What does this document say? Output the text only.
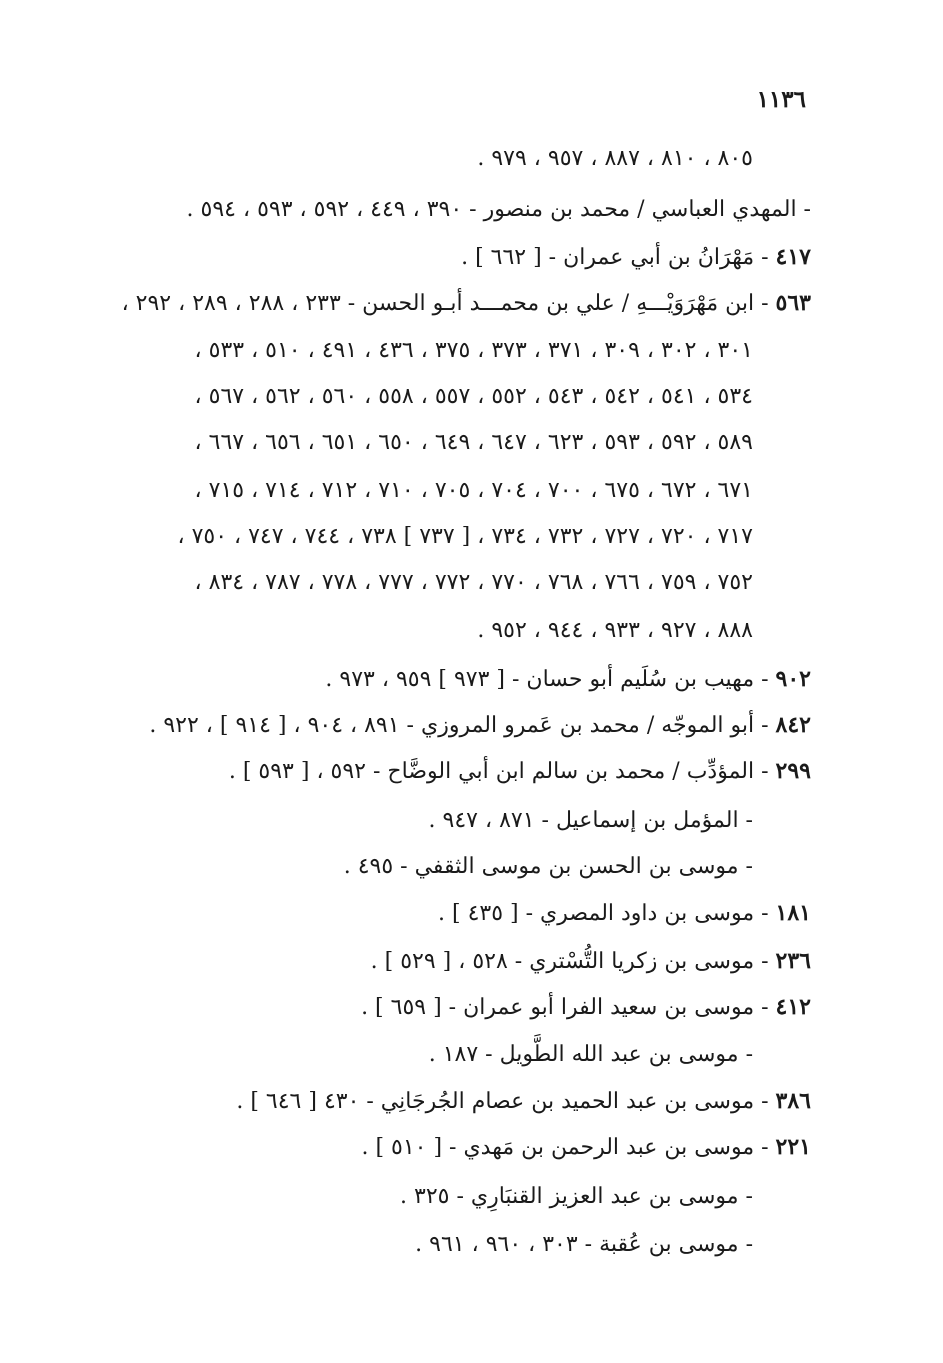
١١٣٦
٨٠٥ ، ٨١٠ ، ٨٨٧ ، ٩٥٧ ، ٩٧٩ .
- المهدي العباسي / محمد بن منصور - ٣٩٠ ، ٤٤٩ ، ٥٩٢ ، ٥٩٣ ، ٥٩٤ .
٤١٧ - مَهْرَانُ بن أبي عمران - [ ٦٦٢ ] .
٥٦٣ - ابن مَهْرَوَيْـــهِ / علي بن محمـــد أبـو الحسن - ٢٣٣ ، ٢٨٨ ، ٢٨٩ ، ٢٩٢ ،
٣٠١ ، ٣٠٢ ، ٣٠٩ ، ٣٧١ ، ٣٧٣ ، ٣٧٥ ، ٤٣٦ ، ٤٩١ ، ٥١٠ ، ٥٣٣ ،
٥٣٤ ، ٥٤١ ، ٥٤٢ ، ٥٤٣ ، ٥٥٢ ، ٥٥٧ ، ٥٥٨ ، ٥٦٠ ، ٥٦٢ ، ٥٦٧ ،
٥٨٩ ، ٥٩٢ ، ٥٩٣ ، ٦٢٣ ، ٦٤٧ ، ٦٤٩ ، ٦٥٠ ، ٦٥١ ، ٦٥٦ ، ٦٦٧ ،
٦٧١ ، ٦٧٢ ، ٦٧٥ ، ٧٠٠ ، ٧٠٤ ، ٧٠٥ ، ٧١٠ ، ٧١٢ ، ٧١٤ ، ٧١٥ ،
٧١٧ ، ٧٢٠ ، ٧٢٧ ، ٧٣٢ ، ٧٣٤ ، [ ٧٣٧ ] ٧٣٨ ، ٧٤٤ ، ٧٤٧ ، ٧٥٠ ،
٧٥٢ ، ٧٥٩ ، ٧٦٦ ، ٧٦٨ ، ٧٧٠ ، ٧٧٢ ، ٧٧٧ ، ٧٧٨ ، ٧٨٧ ، ٨٣٤ ،
٨٨٨ ، ٩٢٧ ، ٩٣٣ ، ٩٤٤ ، ٩٥٢ .
٩٠٢ - مهيب بن سُلَيم أبو حسان - [ ٩٧٣ ] ٩٥٩ ، ٩٧٣ .
٨٤٢ - أبو الموجّه / محمد بن عَمرو المروزي - ٨٩١ ، ٩٠٤ ، [ ٩١٤ ] ، ٩٢٢ .
٢٩٩ - المؤدِّب / محمد بن سالم ابن أبي الوضَّاح - ٥٩٢ ، [ ٥٩٣ ] .
- المؤمل بن إسماعيل - ٨٧١ ، ٩٤٧ .
- موسى بن الحسن بن موسى الثقفي - ٤٩٥ .
١٨١ - موسى بن داود المصري - [ ٤٣٥ ] .
٢٣٦ - موسى بن زكريا التُّسْتري - ٥٢٨ ، [ ٥٢٩ ] .
٤١٢ - موسى بن سعيد الفرا أبو عمران - [ ٦٥٩ ] .
- موسى بن عبد الله الطَّويل - ١٨٧ .
٣٨٦ - موسى بن عبد الحميد بن عصام الجُرجَانِي - ٤٣٠ [ ٦٤٦ ] .
٢٢١ - موسى بن عبد الرحمن بن مَهدي - [ ٥١٠ ] .
- موسى بن عبد العزيز القنبَارِي - ٣٢٥ .
- موسى بن عُقبة - ٣٠٣ ، ٩٦٠ ، ٩٦١ .
